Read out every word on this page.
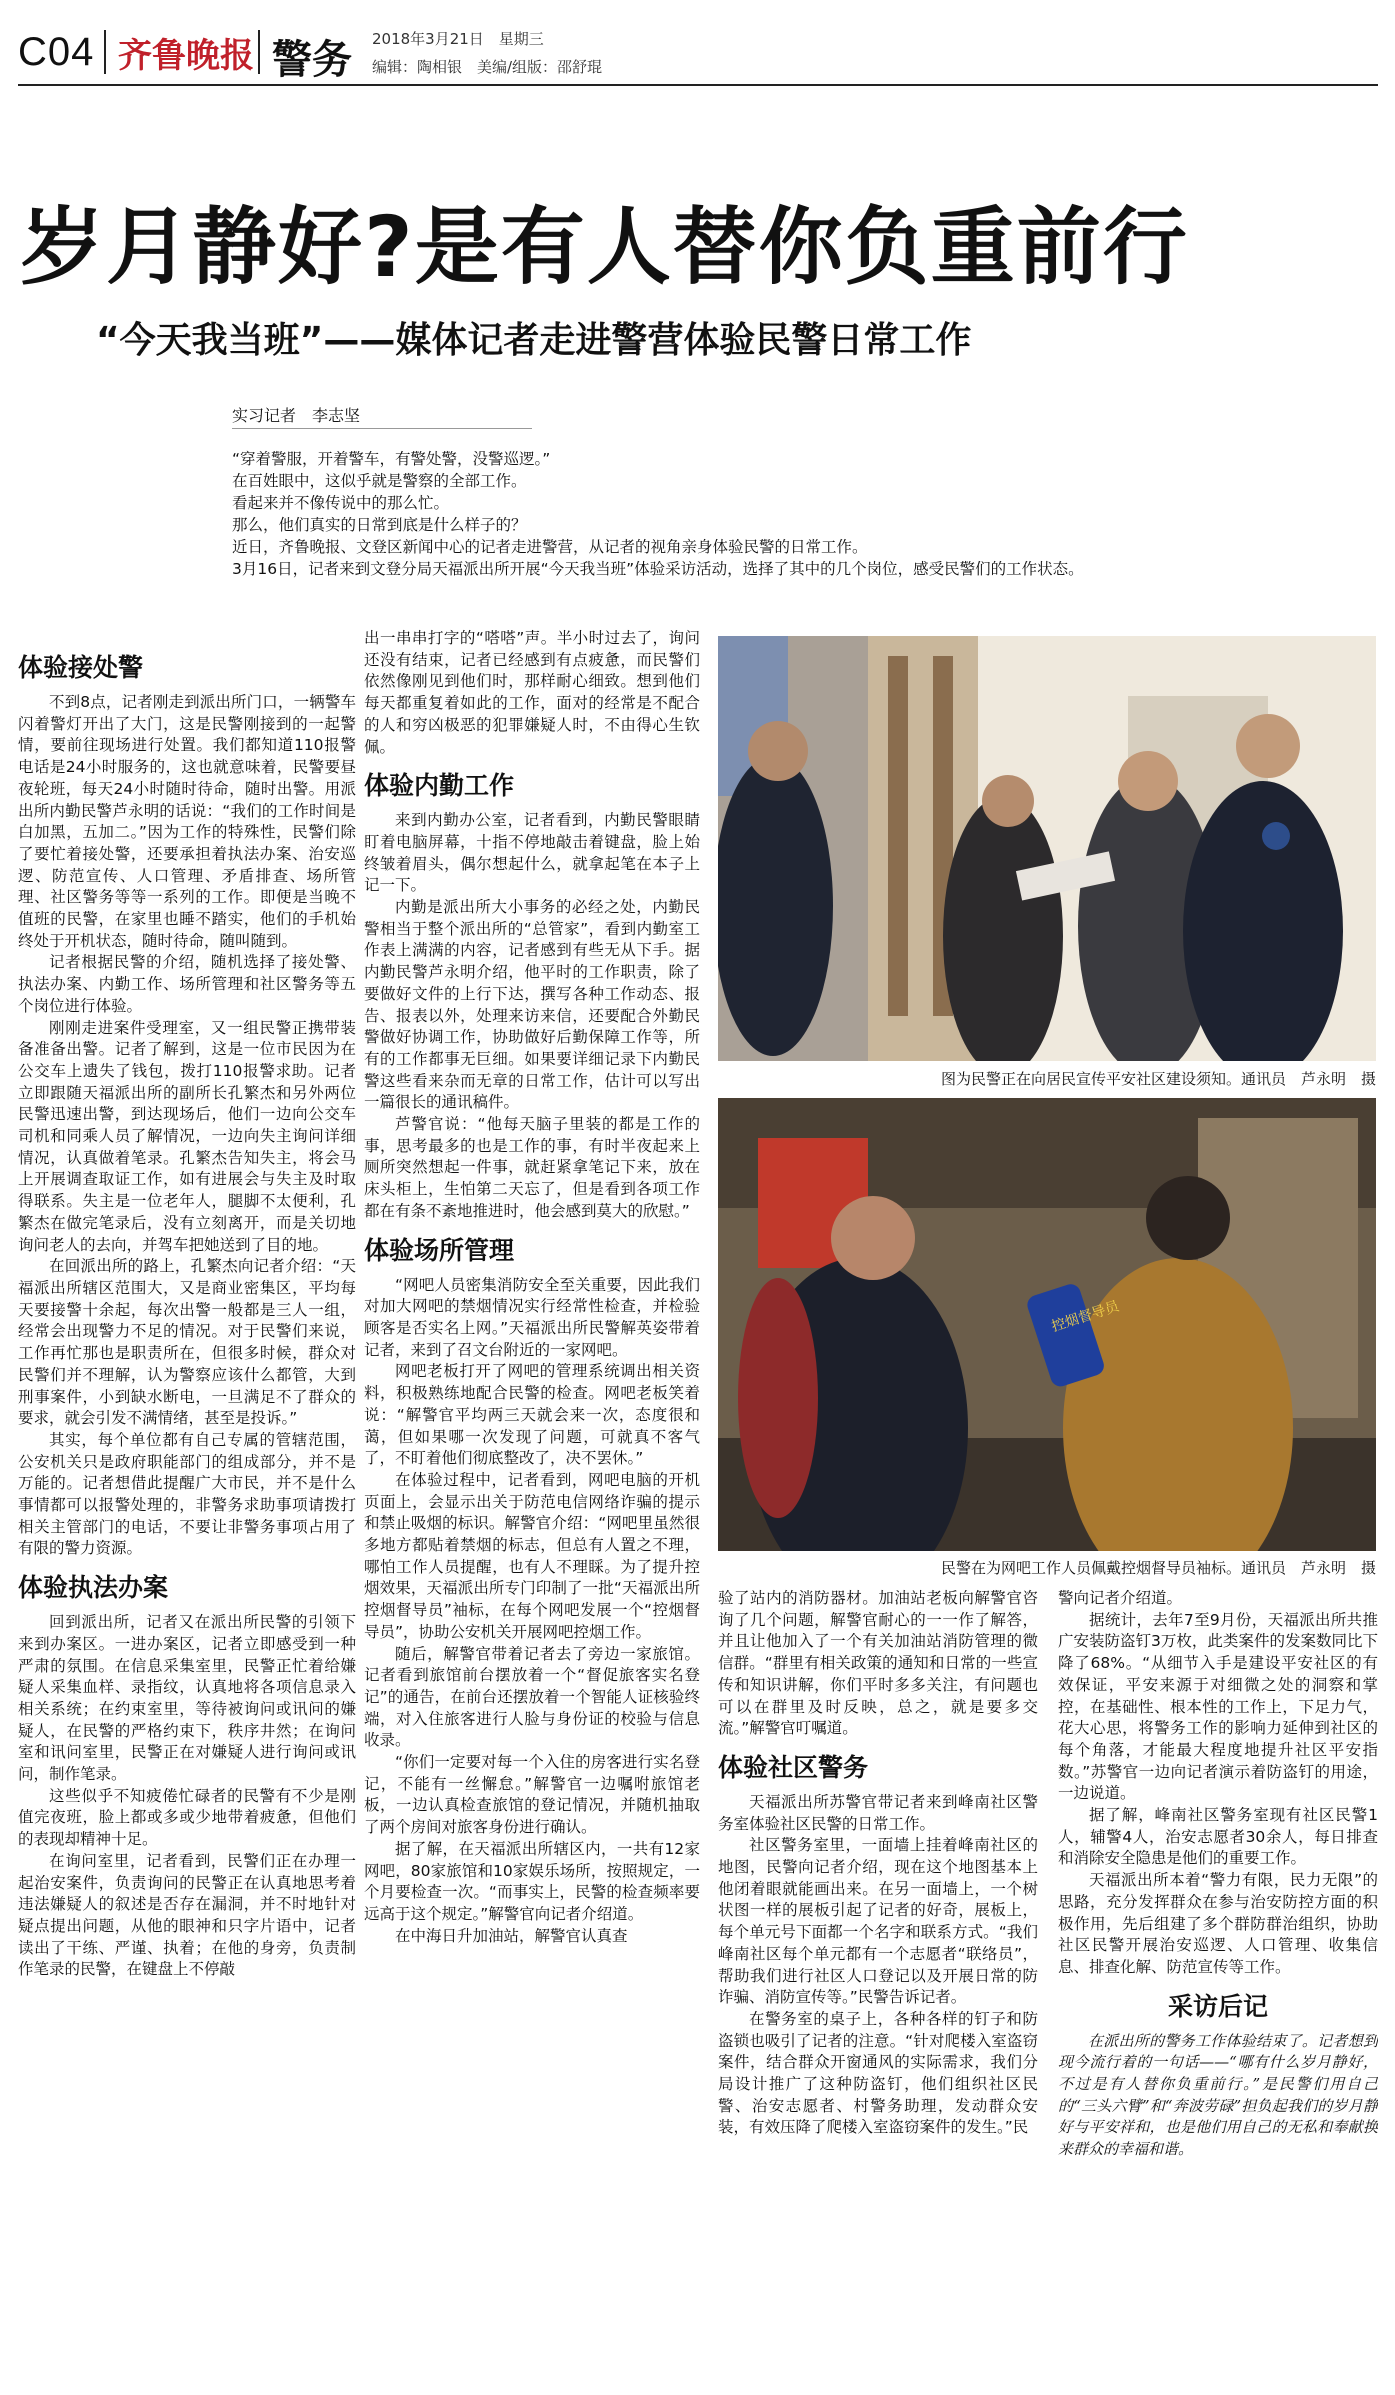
C04 齐鲁晚报 警务 2018年3月21日　星期三
编辑：陶相银　美编/组版：邵舒琨
岁月静好?是有人替你负重前行
“今天我当班”——媒体记者走进警营体验民警日常工作
实习记者　李志坚

“穿着警服，开着警车，有警处警，没警巡逻。”

在百姓眼中，这似乎就是警察的全部工作。

看起来并不像传说中的那么忙。

那么，他们真实的日常到底是什么样子的？

近日，齐鲁晚报、文登区新闻中心的记者走进警营，从记者的视角亲身体验民警的日常工作。

3月16日，记者来到文登分局天福派出所开展“今天我当班”体验采访活动，选择了其中的几个岗位，感受民警们的工作状态。

体验接处警

不到8点，记者刚走到派出所门口，一辆警车闪着警灯开出了大门，这是民警刚接到的一起警情，要前往现场进行处置。我们都知道110报警电话是24小时服务的，这也就意味着，民警要昼夜轮班，每天24小时随时待命，随时出警。用派出所内勤民警芦永明的话说：“我们的工作时间是白加黑，五加二。”因为工作的特殊性，民警们除了要忙着接处警，还要承担着执法办案、治安巡逻、防范宣传、人口管理、矛盾排查、场所管理、社区警务等等一系列的工作。即便是当晚不值班的民警，在家里也睡不踏实，他们的手机始终处于开机状态，随时待命，随叫随到。

记者根据民警的介绍，随机选择了接处警、执法办案、内勤工作、场所管理和社区警务等五个岗位进行体验。

刚刚走进案件受理室，又一组民警正携带装备准备出警。记者了解到，这是一位市民因为在公交车上遗失了钱包，拨打110报警求助。记者立即跟随天福派出所的副所长孔繁杰和另外两位民警迅速出警，到达现场后，他们一边向公交车司机和同乘人员了解情况，一边向失主询问详细情况，认真做着笔录。孔繁杰告知失主，将会马上开展调查取证工作，如有进展会与失主及时取得联系。失主是一位老年人，腿脚不太便利，孔繁杰在做完笔录后，没有立刻离开，而是关切地询问老人的去向，并驾车把她送到了目的地。

在回派出所的路上，孔繁杰向记者介绍：“天福派出所辖区范围大，又是商业密集区，平均每天要接警十余起，每次出警一般都是三人一组，经常会出现警力不足的情况。对于民警们来说，工作再忙那也是职责所在，但很多时候，群众对民警们并不理解，认为警察应该什么都管，大到刑事案件，小到缺水断电，一旦满足不了群众的要求，就会引发不满情绪，甚至是投诉。”

其实，每个单位都有自己专属的管辖范围，公安机关只是政府职能部门的组成部分，并不是万能的。记者想借此提醒广大市民，并不是什么事情都可以报警处理的，非警务求助事项请拨打相关主管部门的电话，不要让非警务事项占用了有限的警力资源。

体验执法办案

回到派出所，记者又在派出所民警的引领下来到办案区。一进办案区，记者立即感受到一种严肃的氛围。在信息采集室里，民警正忙着给嫌疑人采集血样、录指纹，认真地将各项信息录入相关系统；在约束室里，等待被询问或讯问的嫌疑人，在民警的严格约束下，秩序井然；在询问室和讯问室里，民警正在对嫌疑人进行询问或讯问，制作笔录。

这些似乎不知疲倦忙碌者的民警有不少是刚值完夜班，脸上都或多或少地带着疲惫，但他们的表现却精神十足。

在询问室里，记者看到，民警们正在办理一起治安案件，负责询问的民警正在认真地思考着违法嫌疑人的叙述是否存在漏洞，并不时地针对疑点提出问题，从他的眼神和只字片语中，记者读出了干练、严谨、执着；在他的身旁，负责制作笔录的民警，在键盘上不停敲

出一串串打字的“嗒嗒”声。半小时过去了，询问还没有结束，记者已经感到有点疲惫，而民警们依然像刚见到他们时，那样耐心细致。想到他们每天都重复着如此的工作，面对的经常是不配合的人和穷凶极恶的犯罪嫌疑人时，不由得心生钦佩。

体验内勤工作

来到内勤办公室，记者看到，内勤民警眼睛盯着电脑屏幕，十指不停地敲击着键盘，脸上始终皱着眉头，偶尔想起什么，就拿起笔在本子上记一下。

内勤是派出所大小事务的必经之处，内勤民警相当于整个派出所的“总管家”，看到内勤室工作表上满满的内容，记者感到有些无从下手。据内勤民警芦永明介绍，他平时的工作职责，除了要做好文件的上行下达，撰写各种工作动态、报告、报表以外，处理来访来信，还要配合外勤民警做好协调工作，协助做好后勤保障工作等，所有的工作都事无巨细。如果要详细记录下内勤民警这些看来杂而无章的日常工作，估计可以写出一篇很长的通讯稿件。

芦警官说：“他每天脑子里装的都是工作的事，思考最多的也是工作的事，有时半夜起来上厕所突然想起一件事，就赶紧拿笔记下来，放在床头柜上，生怕第二天忘了，但是看到各项工作都在有条不紊地推进时，他会感到莫大的欣慰。”

体验场所管理

“网吧人员密集消防安全至关重要，因此我们对加大网吧的禁烟情况实行经常性检查，并检验顾客是否实名上网。”天福派出所民警解英姿带着记者，来到了召文台附近的一家网吧。

网吧老板打开了网吧的管理系统调出相关资料，积极熟练地配合民警的检查。网吧老板笑着说：“解警官平均两三天就会来一次，态度很和蔼，但如果哪一次发现了问题，可就真不客气了，不盯着他们彻底整改了，决不罢休。”

在体验过程中，记者看到，网吧电脑的开机页面上，会显示出关于防范电信网络诈骗的提示和禁止吸烟的标识。解警官介绍：“网吧里虽然很多地方都贴着禁烟的标志，但总有人置之不理，哪怕工作人员提醒，也有人不理睬。为了提升控烟效果，天福派出所专门印制了一批“天福派出所控烟督导员”袖标，在每个网吧发展一个“控烟督导员”，协助公安机关开展网吧控烟工作。

随后，解警官带着记者去了旁边一家旅馆。记者看到旅馆前台摆放着一个“督促旅客实名登记”的通告，在前台还摆放着一个智能人证核验终端，对入住旅客进行人脸与身份证的校验与信息收录。

“你们一定要对每一个入住的房客进行实名登记，不能有一丝懈怠。”解警官一边嘱咐旅馆老板，一边认真检查旅馆的登记情况，并随机抽取了两个房间对旅客身份进行确认。

据了解，在天福派出所辖区内，一共有12家网吧，80家旅馆和10家娱乐场所，按照规定，一个月要检查一次。“而事实上，民警的检查频率要远高于这个规定。”解警官向记者介绍道。

在中海日升加油站，解警官认真查

图为民警正在向居民宣传平安社区建设须知。通讯员　芦永明　摄
控烟督导员
民警在为网吧工作人员佩戴控烟督导员袖标。通讯员　芦永明　摄

验了站内的消防器材。加油站老板向解警官咨询了几个问题，解警官耐心的一一作了解答，并且让他加入了一个有关加油站消防管理的微信群。“群里有相关政策的通知和日常的一些宣传和知识讲解，你们平时多多关注，有问题也可以在群里及时反映，总之，就是要多交流。”解警官叮嘱道。

体验社区警务

天福派出所苏警官带记者来到峰南社区警务室体验社区民警的日常工作。

社区警务室里，一面墙上挂着峰南社区的地图，民警向记者介绍，现在这个地图基本上他闭着眼就能画出来。在另一面墙上，一个树状图一样的展板引起了记者的好奇，展板上，每个单元号下面都一个名字和联系方式。“我们峰南社区每个单元都有一个志愿者“联络员”，帮助我们进行社区人口登记以及开展日常的防诈骗、消防宣传等。”民警告诉记者。

在警务室的桌子上，各种各样的钉子和防盗锁也吸引了记者的注意。“针对爬楼入室盗窃案件，结合群众开窗通风的实际需求，我们分局设计推广了这种防盗钉，他们组织社区民警、治安志愿者、村警务助理，发动群众安装，有效压降了爬楼入室盗窃案件的发生。”民

警向记者介绍道。

据统计，去年7至9月份，天福派出所共推广安装防盗钉3万枚，此类案件的发案数同比下降了68%。“从细节入手是建设平安社区的有效保证，平安来源于对细微之处的洞察和掌控，在基础性、根本性的工作上，下足力气，花大心思，将警务工作的影响力延伸到社区的每个角落，才能最大程度地提升社区平安指数。”苏警官一边向记者演示着防盗钉的用途，一边说道。

据了解，峰南社区警务室现有社区民警1人，辅警4人，治安志愿者30余人，每日排查和消除安全隐患是他们的重要工作。

天福派出所本着“警力有限，民力无限”的思路，充分发挥群众在参与治安防控方面的积极作用，先后组建了多个群防群治组织，协助社区民警开展治安巡逻、人口管理、收集信息、排查化解、防范宣传等工作。

采访后记

在派出所的警务工作体验结束了。记者想到现今流行着的一句话——“哪有什么岁月静好，不过是有人替你负重前行。”是民警们用自己的“三头六臂”和“奔波劳碌”担负起我们的岁月静好与平安祥和，也是他们用自己的无私和奉献换来群众的幸福和谐。
